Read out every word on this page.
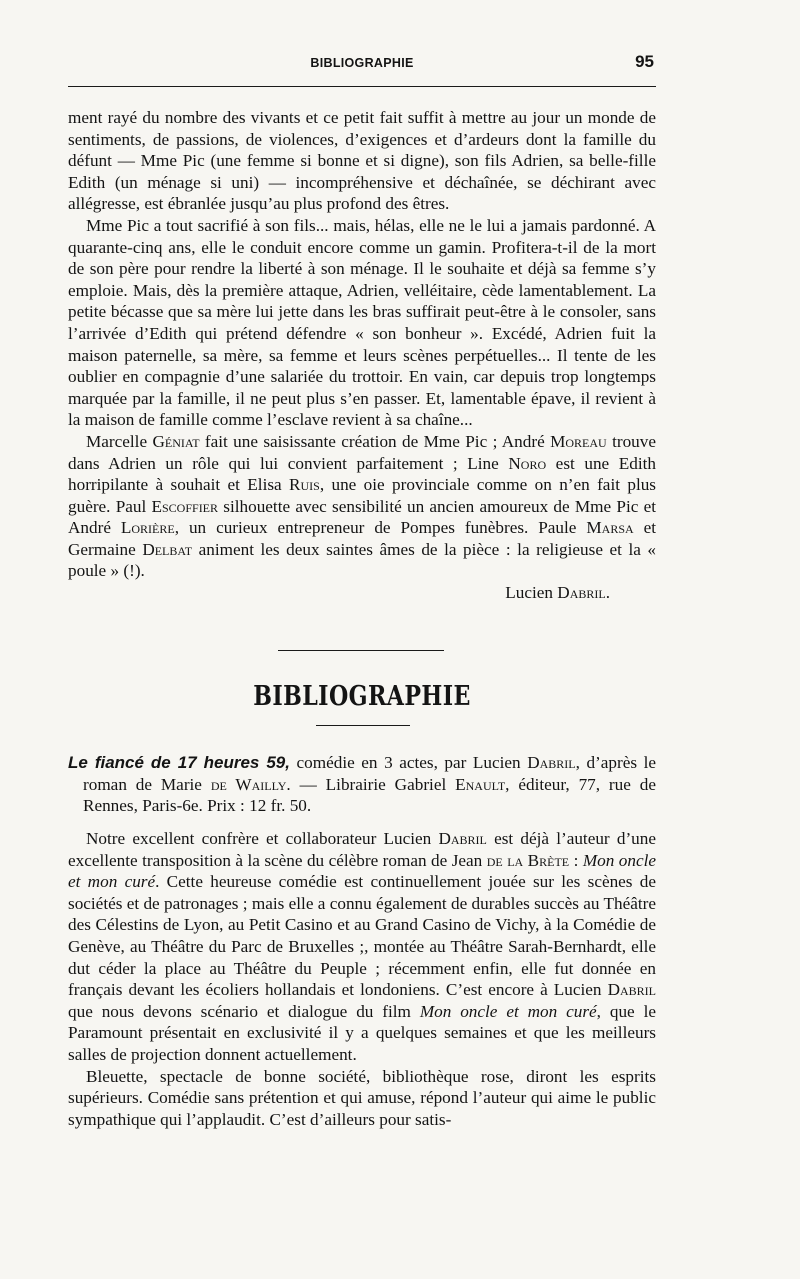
BIBLIOGRAPHIE	95

ment rayé du nombre des vivants et ce petit fait suffit à mettre au jour un monde de sentiments, de passions, de violences, d’exigences et d’ardeurs dont la famille du défunt — Mme Pic (une femme si bonne et si digne), son fils Adrien, sa belle-fille Edith (un ménage si uni) — incompréhensive et déchaînée, se déchirant avec allégresse, est ébranlée jusqu’au plus profond des êtres.

Mme Pic a tout sacrifié à son fils... mais, hélas, elle ne le lui a jamais pardonné. A quarante-cinq ans, elle le conduit encore comme un gamin. Profitera-t-il de la mort de son père pour rendre la liberté à son ménage. Il le souhaite et déjà sa femme s’y emploie. Mais, dès la première attaque, Adrien, velléitaire, cède lamentablement. La petite bécasse que sa mère lui jette dans les bras suffirait peut-être à le consoler, sans l’arrivée d’Edith qui prétend défendre « son bonheur ». Excédé, Adrien fuit la maison paternelle, sa mère, sa femme et leurs scènes perpétuelles... Il tente de les oublier en compagnie d’une salariée du trottoir. En vain, car depuis trop longtemps marquée par la famille, il ne peut plus s’en passer. Et, lamentable épave, il revient à la maison de famille comme l’esclave revient à sa chaîne...

Marcelle Géniat fait une saisissante création de Mme Pic ; André Moreau trouve dans Adrien un rôle qui lui convient parfaitement ; Line Noro est une Edith horripilante à souhait et Elisa Ruis, une oie provinciale comme on n’en fait plus guère. Paul Escoffier silhouette avec sensibilité un ancien amoureux de Mme Pic et André Lorière, un curieux entrepreneur de Pompes funèbres. Paule Marsa et Germaine Delbat animent les deux saintes âmes de la pièce : la religieuse et la « poule » (!).

Lucien Dabril.

BIBLIOGRAPHIE
Le fiancé de 17 heures 59, comédie en 3 actes, par Lucien Dabril, d’après le roman de Marie de Wailly. — Librairie Gabriel Enault, éditeur, 77, rue de Rennes, Paris-6e. Prix : 12 fr. 50.

Notre excellent confrère et collaborateur Lucien Dabril est déjà l’auteur d’une excellente transposition à la scène du célèbre roman de Jean de la Brète : Mon oncle et mon curé. Cette heureuse comédie est continuellement jouée sur les scènes de sociétés et de patronages ; mais elle a connu également de durables succès au Théâtre des Célestins de Lyon, au Petit Casino et au Grand Casino de Vichy, à la Comédie de Genève, au Théâtre du Parc de Bruxelles ;, montée au Théâtre Sarah-Bernhardt, elle dut céder la place au Théâtre du Peuple ; récemment enfin, elle fut donnée en français devant les écoliers hollandais et londoniens. C’est encore à Lucien Dabril que nous devons scénario et dialogue du film Mon oncle et mon curé, que le Paramount présentait en exclusivité il y a quelques semaines et que les meilleurs salles de projection donnent actuellement.

Bleuette, spectacle de bonne société, bibliothèque rose, diront les esprits supérieurs. Comédie sans prétention et qui amuse, répond l’auteur qui aime le public sympathique qui l’applaudit. C’est d’ailleurs pour satis-
